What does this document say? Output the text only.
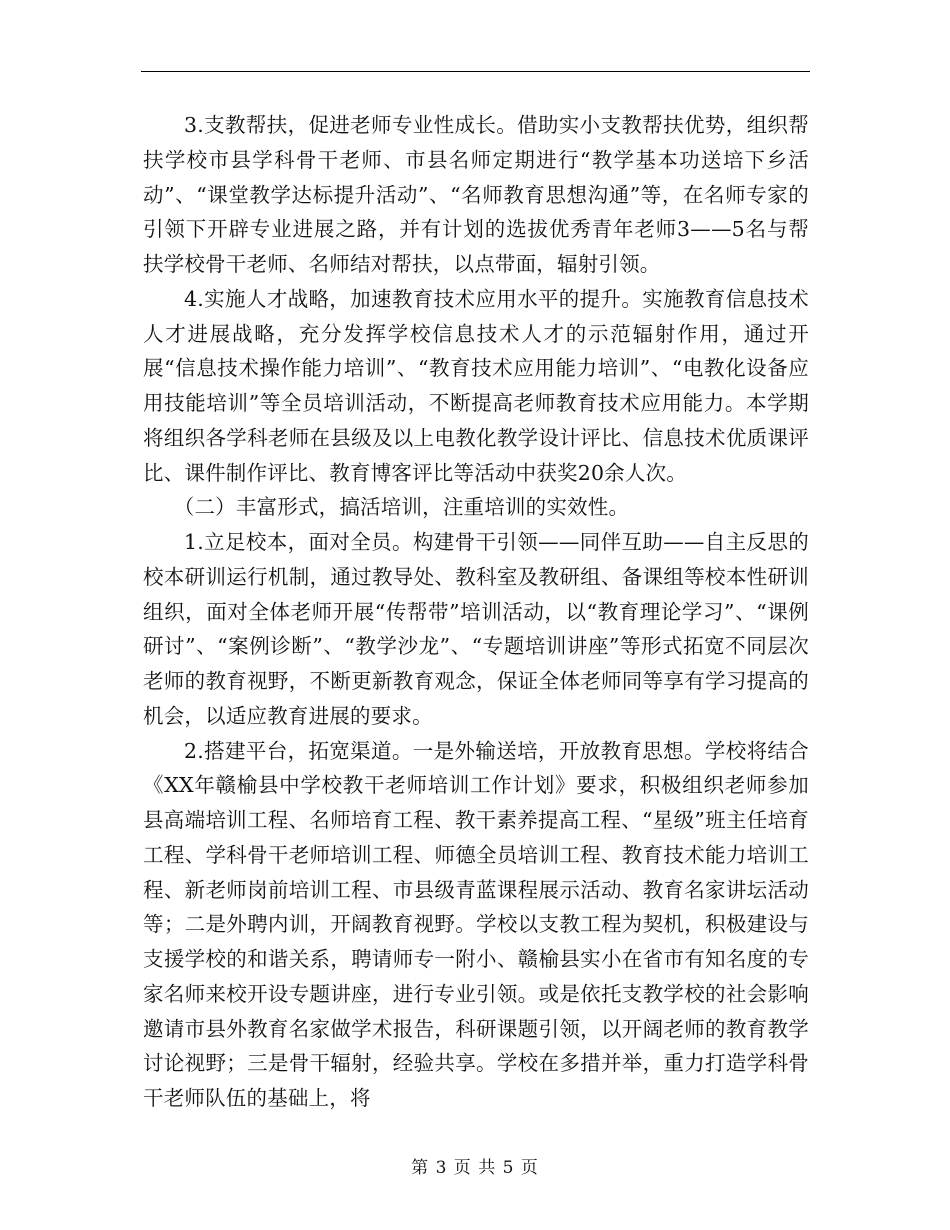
3.支教帮扶，促进老师专业性成长。借助实小支教帮扶优势，组织帮扶学校市县学科骨干老师、市县名师定期进行“教学基本功送培下乡活动”、“课堂教学达标提升活动”、“名师教育思想沟通”等，在名师专家的引领下开辟专业进展之路，并有计划的选拔优秀青年老师3——5名与帮扶学校骨干老师、名师结对帮扶，以点带面，辐射引领。

4.实施人才战略，加速教育技术应用水平的提升。实施教育信息技术人才进展战略，充分发挥学校信息技术人才的示范辐射作用，通过开展“信息技术操作能力培训”、“教育技术应用能力培训”、“电教化设备应用技能培训”等全员培训活动，不断提高老师教育技术应用能力。本学期将组织各学科老师在县级及以上电教化教学设计评比、信息技术优质课评比、课件制作评比、教育博客评比等活动中获奖20余人次。

（二）丰富形式，搞活培训，注重培训的实效性。

1.立足校本，面对全员。构建骨干引领——同伴互助——自主反思的校本研训运行机制，通过教导处、教科室及教研组、备课组等校本性研训组织，面对全体老师开展“传帮带”培训活动，以“教育理论学习”、“课例研讨”、“案例诊断”、“教学沙龙”、“专题培训讲座”等形式拓宽不同层次老师的教育视野，不断更新教育观念，保证全体老师同等享有学习提高的机会，以适应教育进展的要求。

2.搭建平台，拓宽渠道。一是外输送培，开放教育思想。学校将结合《XX年赣榆县中学校教干老师培训工作计划》要求，积极组织老师参加县高端培训工程、名师培育工程、教干素养提高工程、“星级”班主任培育工程、学科骨干老师培训工程、师德全员培训工程、教育技术能力培训工程、新老师岗前培训工程、市县级青蓝课程展示活动、教育名家讲坛活动等；二是外聘内训，开阔教育视野。学校以支教工程为契机，积极建设与支援学校的和谐关系，聘请师专一附小、赣榆县实小在省市有知名度的专家名师来校开设专题讲座，进行专业引领。或是依托支教学校的社会影响邀请市县外教育名家做学术报告，科研课题引领，以开阔老师的教育教学讨论视野；三是骨干辐射，经验共享。学校在多措并举，重力打造学科骨干老师队伍的基础上，将

第 3 页 共 5 页
